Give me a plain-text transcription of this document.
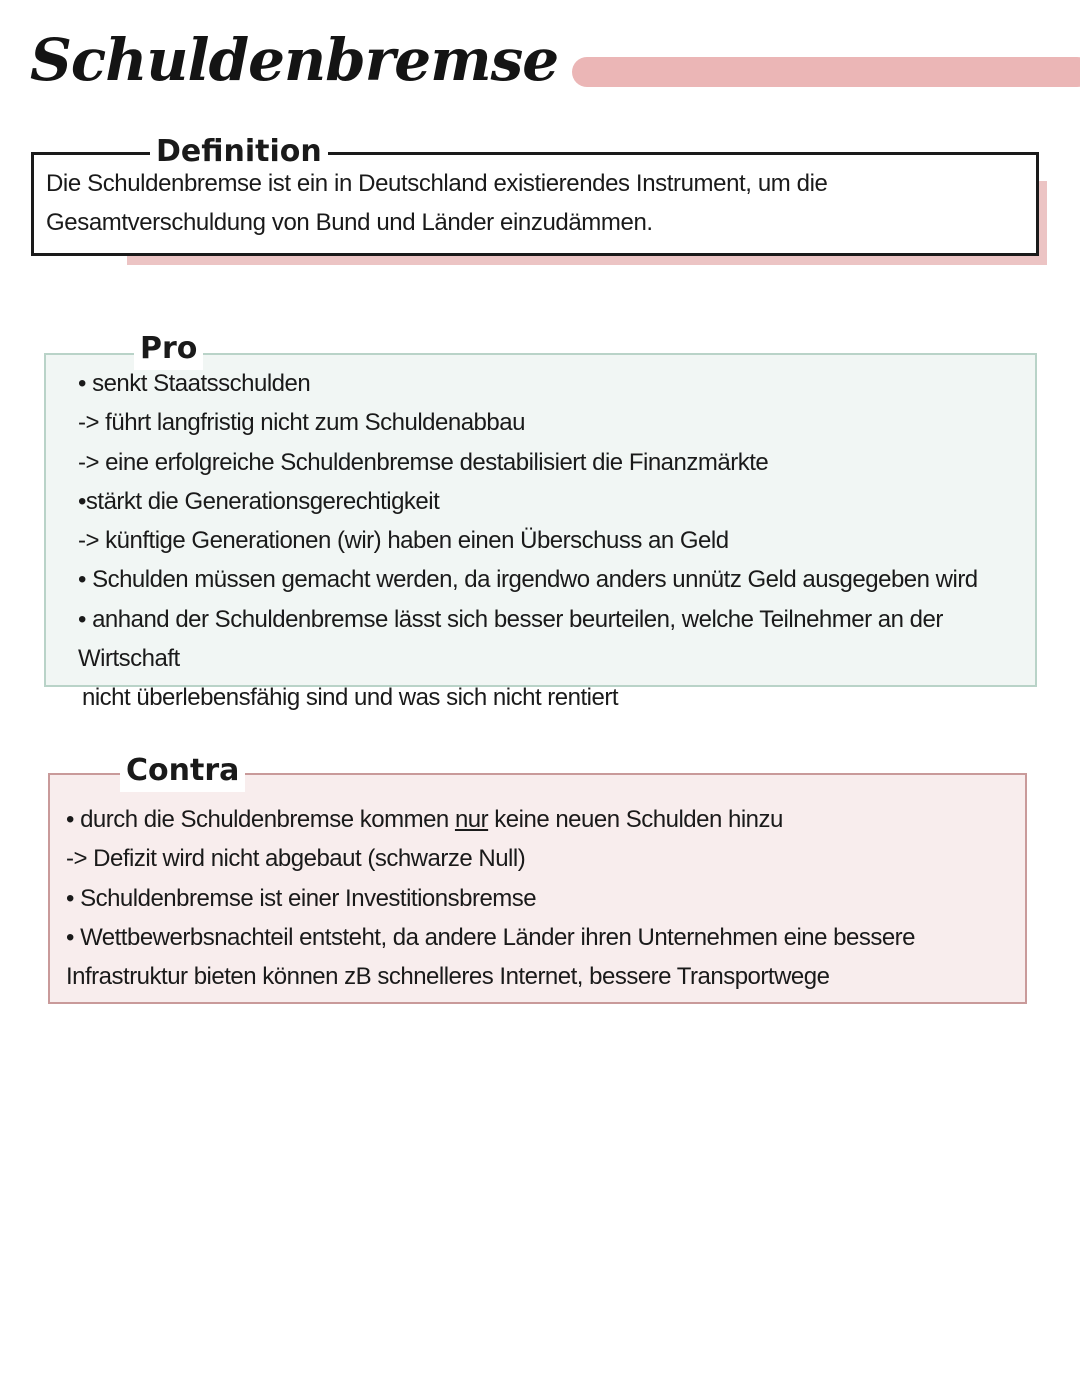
Schuldenbremse
Definition
Die Schuldenbremse ist ein in Deutschland existierendes Instrument, um die Gesamtverschuldung von Bund und Länder einzudämmen.
Pro
• senkt Staatsschulden
-> führt langfristig nicht zum Schuldenabbau
-> eine erfolgreiche Schuldenbremse destabilisiert die Finanzmärkte
•stärkt die Generationsgerechtigkeit
-> künftige Generationen (wir) haben einen Überschuss an Geld
• Schulden müssen gemacht werden, da irgendwo anders unnütz Geld ausgegeben wird
• anhand der Schuldenbremse lässt sich besser beurteilen, welche Teilnehmer an der Wirtschaft
nicht überlebensfähig sind und was sich nicht rentiert
Contra
• durch die Schuldenbremse kommen nur keine neuen Schulden hinzu
-> Defizit wird nicht abgebaut (schwarze Null)
• Schuldenbremse ist einer Investitionsbremse
• Wettbewerbsnachteil entsteht, da andere Länder ihren Unternehmen eine bessere
Infrastruktur bieten können zB schnelleres Internet, bessere Transportwege
